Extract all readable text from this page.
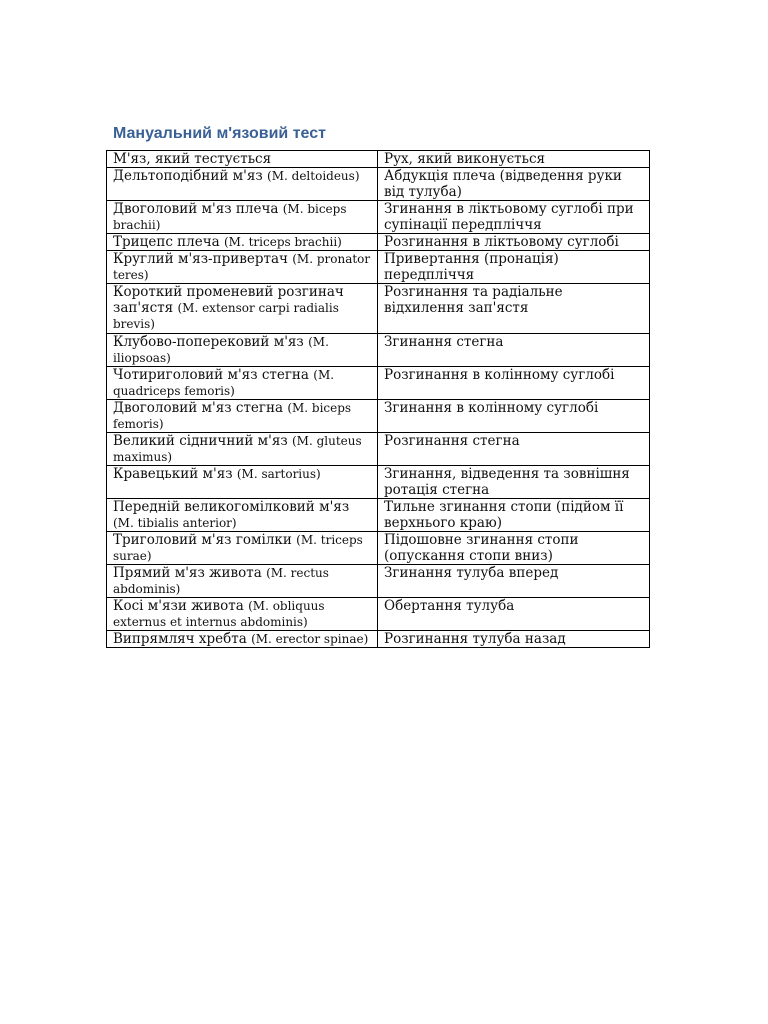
Мануальний м'язовий тест
М'яз, який тестується	Рух, який виконується
Дельтоподібний м'яз (M. deltoideus)	Абдукція плеча (відведення руки від тулуба)
Двоголовий м'яз плеча (M. biceps brachii)	Згинання в ліктьовому суглобі при супінації передпліччя
Трицепс плеча (M. triceps brachii)	Розгинання в ліктьовому суглобі
Круглий м'яз-привертач (M. pronator teres)	Привертання (пронація) передпліччя
Короткий променевий розгинач зап'ястя (M. extensor carpi radialis brevis)	Розгинання та радіальне відхилення зап'ястя
Клубово-поперековий м'яз (M. iliopsoas)	Згинання стегна
Чотириголовий м'яз стегна (M. quadriceps femoris)	Розгинання в колінному суглобі
Двоголовий м'яз стегна (M. biceps femoris)	Згинання в колінному суглобі
Великий сідничний м'яз (M. gluteus maximus)	Розгинання стегна
Кравецький м'яз (M. sartorius)	Згинання, відведення та зовнішня ротація стегна
Передній великогомілковий м'яз (M. tibialis anterior)	Тильне згинання стопи (підйом її верхнього краю)
Триголовий м'яз гомілки (M. triceps surae)	Підошовне згинання стопи (опускання стопи вниз)
Прямий м'яз живота (M. rectus abdominis)	Згинання тулуба вперед
Косі м'язи живота (M. obliquus externus et internus abdominis)	Обертання тулуба
Випрямляч хребта (M. erector spinae)	Розгинання тулуба назад
